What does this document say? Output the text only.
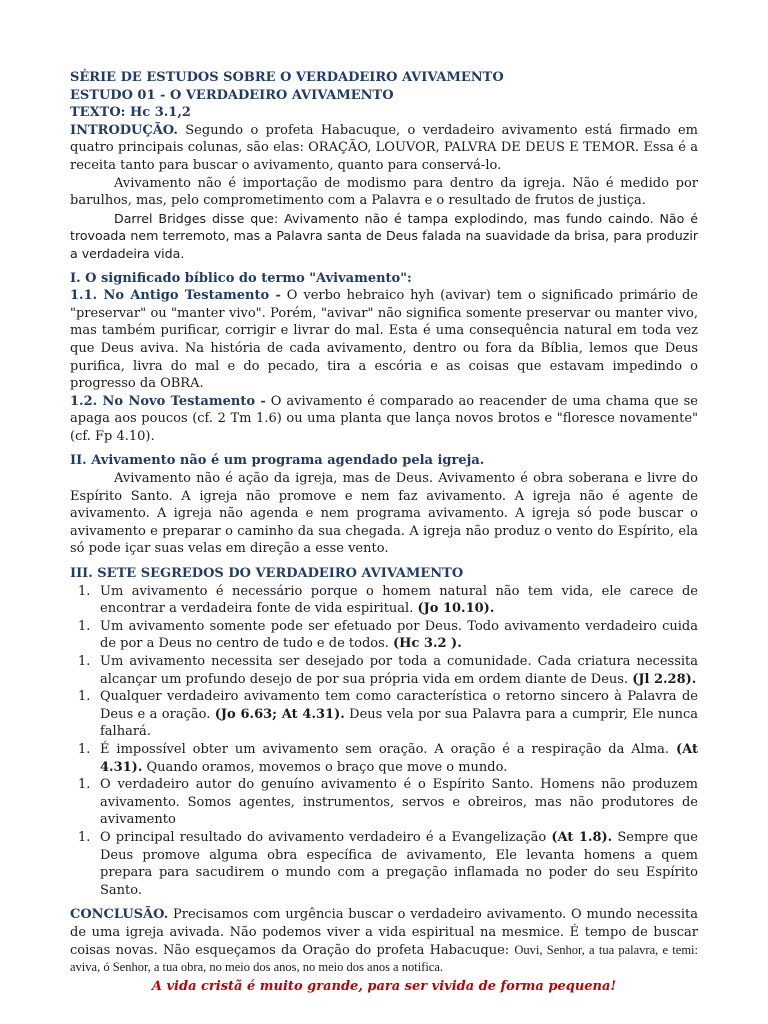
SÉRIE DE ESTUDOS SOBRE O VERDADEIRO AVIVAMENTO

ESTUDO 01 - O VERDADEIRO AVIVAMENTO

TEXTO: Hc 3.1,2

INTRODUÇÃO. Segundo o profeta Habacuque, o verdadeiro avivamento está firmado em quatro principais colunas, são elas: ORAÇÃO, LOUVOR, PALVRA DE DEUS E TEMOR. Essa é a receita tanto para buscar o avivamento, quanto para conservá-lo.

Avivamento não é importação de modismo para dentro da igreja. Não é medido por barulhos, mas, pelo comprometimento com a Palavra e o resultado de frutos de justiça.

Darrel Bridges disse que: Avivamento não é tampa explodindo, mas fundo caindo. Não é trovoada nem terremoto, mas a Palavra santa de Deus falada na suavidade da brisa, para produzir a verdadeira vida.

I. O significado bíblico do termo "Avivamento":

1.1. No Antigo Testamento - O verbo hebraico hyh (avivar) tem o significado primário de "preservar" ou "manter vivo". Porém, "avivar" não significa somente preservar ou manter vivo, mas também purificar, corrigir e livrar do mal. Esta é uma consequência natural em toda vez que Deus aviva. Na história de cada avivamento, dentro ou fora da Bíblia, lemos que Deus purifica, livra do mal e do pecado, tira a escória e as coisas que estavam impedindo o progresso da OBRA.

1.2. No Novo Testamento - O avivamento é comparado ao reacender de uma chama que se apaga aos poucos (cf. 2 Tm 1.6) ou uma planta que lança novos brotos e "floresce novamente" (cf. Fp 4.10).

II. Avivamento não é um programa agendado pela igreja.

Avivamento não é ação da igreja, mas de Deus. Avivamento é obra soberana e livre do Espírito Santo. A igreja não promove e nem faz avivamento. A igreja não é agente de avivamento. A igreja não agenda e nem programa avivamento. A igreja só pode buscar o avivamento e preparar o caminho da sua chegada. A igreja não produz o vento do Espírito, ela só pode içar suas velas em direção a esse vento.

III. SETE SEGREDOS DO VERDADEIRO AVIVAMENTO

1. Um avivamento é necessário porque o homem natural não tem vida, ele carece de encontrar a verdadeira fonte de vida espiritual. (Jo 10.10).
1. Um avivamento somente pode ser efetuado por Deus. Todo avivamento verdadeiro cuida de por a Deus no centro de tudo e de todos. (Hc 3.2 ).
1. Um avivamento necessita ser desejado por toda a comunidade. Cada criatura necessita alcançar um profundo desejo de por sua própria vida em ordem diante de Deus. (Jl 2.28).
1. Qualquer verdadeiro avivamento tem como característica o retorno sincero à Palavra de Deus e a oração. (Jo 6.63; At 4.31). Deus vela por sua Palavra para a cumprir, Ele nunca falhará.
1. É impossível obter um avivamento sem oração. A oração é a respiração da Alma. (At 4.31). Quando oramos, movemos o braço que move o mundo.
1. O verdadeiro autor do genuíno avivamento é o Espírito Santo. Homens não produzem avivamento. Somos agentes, instrumentos, servos e obreiros, mas não produtores de avivamento
1. O principal resultado do avivamento verdadeiro é a Evangelização (At 1.8). Sempre que Deus promove alguma obra específica de avivamento, Ele levanta homens a quem prepara para sacudirem o mundo com a pregação inflamada no poder do seu Espírito Santo.

CONCLUSÃO. Precisamos com urgência buscar o verdadeiro avivamento. O mundo necessita de uma igreja avivada. Não podemos viver a vida espiritual na mesmice. É tempo de buscar coisas novas. Não esqueçamos da Oração do profeta Habacuque: Ouvi, Senhor, a tua palavra, e temi: aviva, ó Senhor, a tua obra, no meio dos anos, no meio dos anos a notifica.

A vida cristã é muito grande, para ser vivida de forma pequena!
